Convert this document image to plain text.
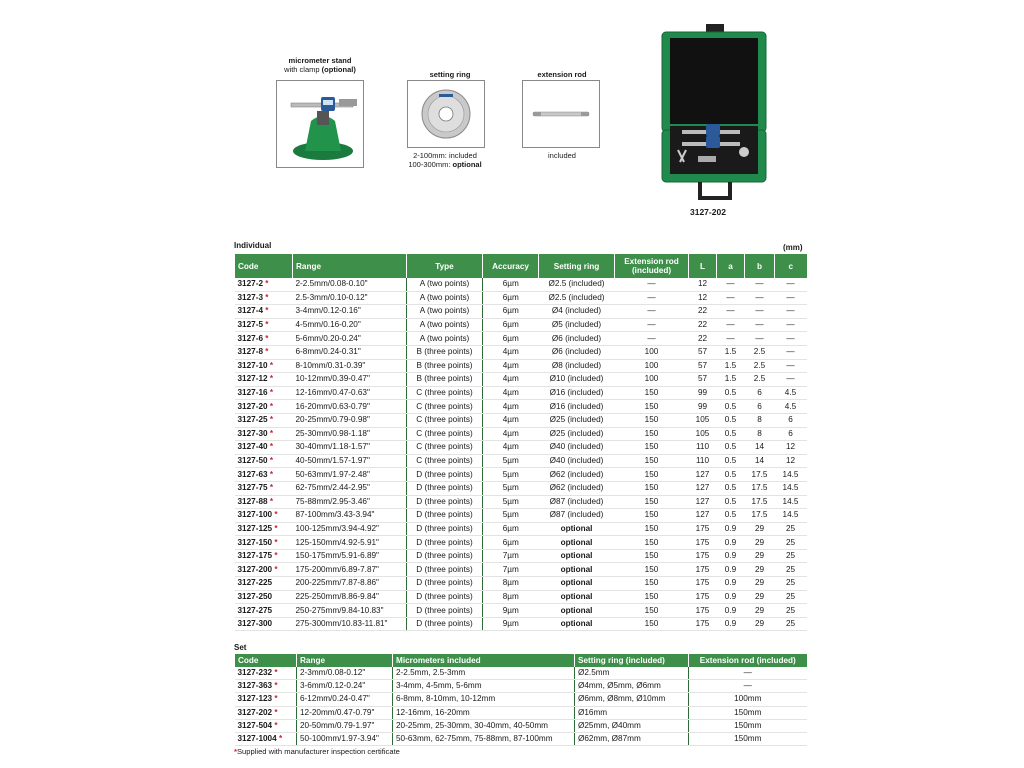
micrometer stand
with clamp (optional)
setting ring
2-100mm: included
100-300mm: optional
extension rod
included
3127-202
Individual	(mm)
Code	Range	Type	Accuracy	Setting ring	Extension rod (included)	L	a	b	c
3127-2 *	2-2.5mm/0.08-0.10"	A (two points)	6µm	Ø2.5 (included)	—	12	—	—	—
3127-3 *	2.5-3mm/0.10-0.12"	A (two points)	6µm	Ø2.5 (included)	—	12	—	—	—
3127-4 *	3-4mm/0.12-0.16"	A (two points)	6µm	Ø4 (included)	—	22	—	—	—
3127-5 *	4-5mm/0.16-0.20"	A (two points)	6µm	Ø5 (included)	—	22	—	—	—
3127-6 *	5-6mm/0.20-0.24"	A (two points)	6µm	Ø6 (included)	—	22	—	—	—
3127-8 *	6-8mm/0.24-0.31"	B (three points)	4µm	Ø6 (included)	100	57	1.5	2.5	—
3127-10 *	8-10mm/0.31-0.39"	B (three points)	4µm	Ø8 (included)	100	57	1.5	2.5	—
3127-12 *	10-12mm/0.39-0.47"	B (three points)	4µm	Ø10 (included)	100	57	1.5	2.5	—
3127-16 *	12-16mm/0.47-0.63"	C (three points)	4µm	Ø16 (included)	150	99	0.5	6	4.5
3127-20 *	16-20mm/0.63-0.79"	C (three points)	4µm	Ø16 (included)	150	99	0.5	6	4.5
3127-25 *	20-25mm/0.79-0.98"	C (three points)	4µm	Ø25 (included)	150	105	0.5	8	6
3127-30 *	25-30mm/0.98-1.18"	C (three points)	4µm	Ø25 (included)	150	105	0.5	8	6
3127-40 *	30-40mm/1.18-1.57"	C (three points)	4µm	Ø40 (included)	150	110	0.5	14	12
3127-50 *	40-50mm/1.57-1.97"	C (three points)	5µm	Ø40 (included)	150	110	0.5	14	12
3127-63 *	50-63mm/1.97-2.48"	D (three points)	5µm	Ø62 (included)	150	127	0.5	17.5	14.5
3127-75 *	62-75mm/2.44-2.95"	D (three points)	5µm	Ø62 (included)	150	127	0.5	17.5	14.5
3127-88 *	75-88mm/2.95-3.46"	D (three points)	5µm	Ø87 (included)	150	127	0.5	17.5	14.5
3127-100 *	87-100mm/3.43-3.94"	D (three points)	5µm	Ø87 (included)	150	127	0.5	17.5	14.5
3127-125 *	100-125mm/3.94-4.92"	D (three points)	6µm	optional	150	175	0.9	29	25
3127-150 *	125-150mm/4.92-5.91"	D (three points)	6µm	optional	150	175	0.9	29	25
3127-175 *	150-175mm/5.91-6.89"	D (three points)	7µm	optional	150	175	0.9	29	25
3127-200 *	175-200mm/6.89-7.87"	D (three points)	7µm	optional	150	175	0.9	29	25
3127-225	200-225mm/7.87-8.86"	D (three points)	8µm	optional	150	175	0.9	29	25
3127-250	225-250mm/8.86-9.84"	D (three points)	8µm	optional	150	175	0.9	29	25
3127-275	250-275mm/9.84-10.83"	D (three points)	9µm	optional	150	175	0.9	29	25
3127-300	275-300mm/10.83-11.81"	D (three points)	9µm	optional	150	175	0.9	29	25
Set
Code	Range	Micrometers included	Setting ring (included)	Extension rod (included)
3127-232 *	2-3mm/0.08-0.12"	2-2.5mm, 2.5-3mm	Ø2.5mm	—
3127-363 *	3-6mm/0.12-0.24"	3-4mm, 4-5mm, 5-6mm	Ø4mm, Ø5mm, Ø6mm	—
3127-123 *	6-12mm/0.24-0.47"	6-8mm, 8-10mm, 10-12mm	Ø6mm, Ø8mm, Ø10mm	100mm
3127-202 *	12-20mm/0.47-0.79"	12-16mm, 16-20mm	Ø16mm	150mm
3127-504 *	20-50mm/0.79-1.97"	20-25mm, 25-30mm, 30-40mm, 40-50mm	Ø25mm, Ø40mm	150mm
3127-1004 *	50-100mm/1.97-3.94"	50-63mm, 62-75mm, 75-88mm, 87-100mm	Ø62mm, Ø87mm	150mm
*Supplied with manufacturer inspection certificate
